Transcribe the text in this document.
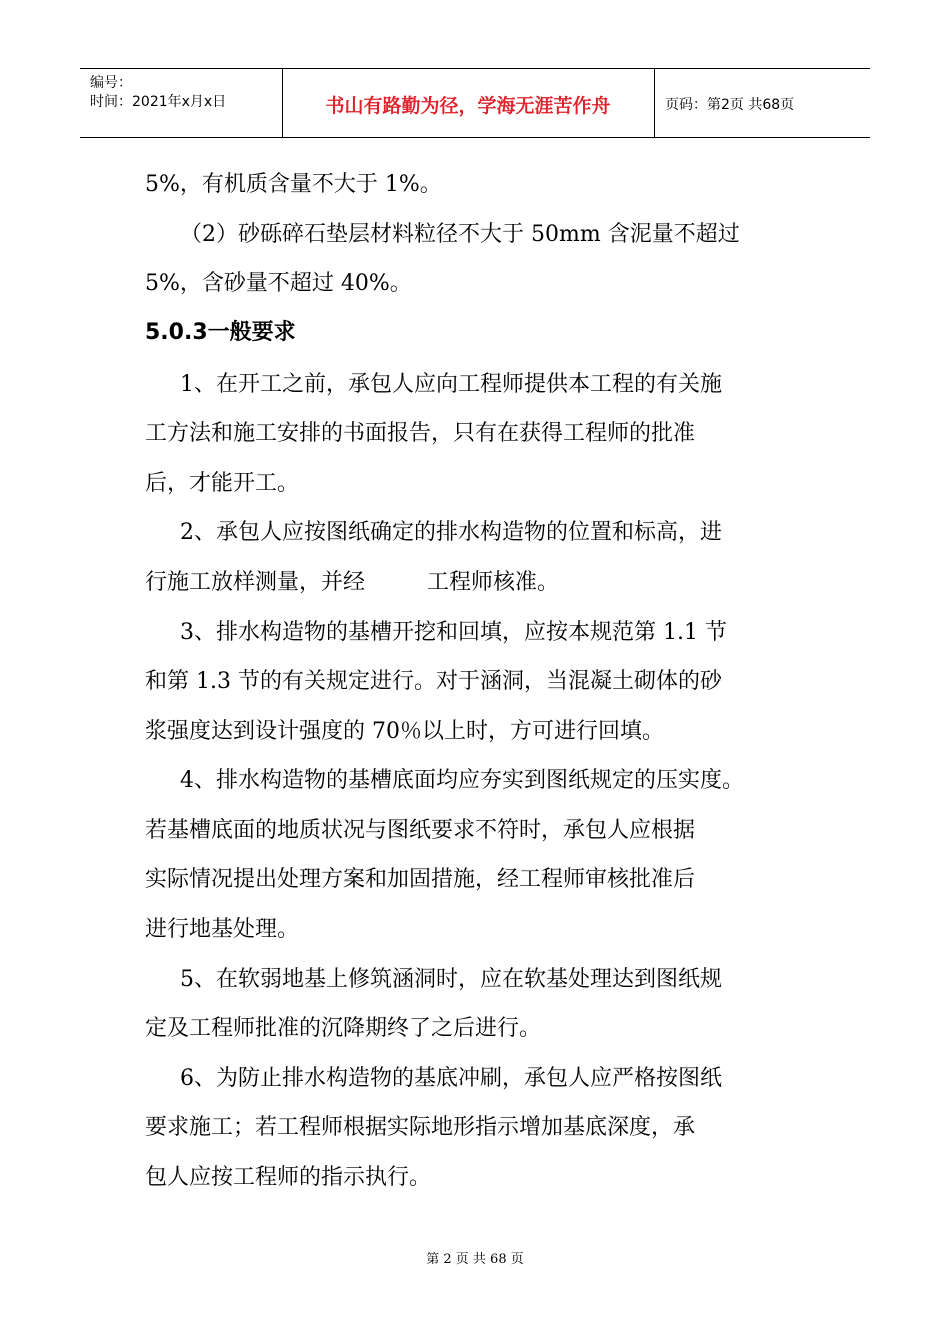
编号：
时间：2021年x月x日	书山有路勤为径，学海无涯苦作舟	页码：第2页 共68页
5%，有机质含量不大于 1%。
（2）砂砾碎石垫层材料粒径不大于 50mm 含泥量不超过
5%，含砂量不超过 40%。
5.0.3一般要求
1、在开工之前，承包人应向工程师提供本工程的有关施
工方法和施工安排的书面报告，只有在获得工程师的批准
后，才能开工。
2、承包人应按图纸确定的排水构造物的位置和标高，进
行施工放样测量，并经	工程师核准。
3、排水构造物的基槽开挖和回填，应按本规范第 1.1 节
和第 1.3 节的有关规定进行。对于涵洞，当混凝土砌体的砂
浆强度达到设计强度的 70％以上时，方可进行回填。
4、排水构造物的基槽底面均应夯实到图纸规定的压实度。
若基槽底面的地质状况与图纸要求不符时，承包人应根据
实际情况提出处理方案和加固措施，经工程师审核批准后
进行地基处理。
5、在软弱地基上修筑涵洞时，应在软基处理达到图纸规
定及工程师批准的沉降期终了之后进行。
6、为防止排水构造物的基底冲刷，承包人应严格按图纸
要求施工；若工程师根据实际地形指示增加基底深度，承
包人应按工程师的指示执行。
第 2 页 共 68 页
